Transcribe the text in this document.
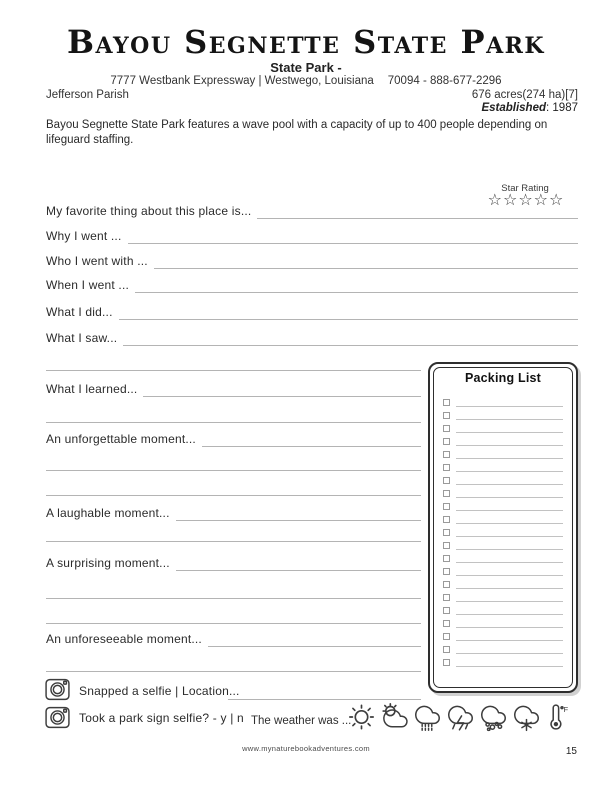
Bayou Segnette State Park
State Park -
7777 Westbank Expressway | Westwego, Louisiana 70094 - 888-677-2296
Jefferson Parish	676 acres(274 ha)[7]
Established: 1987
Bayou Segnette State Park features a wave pool with a capacity of up to 400 people depending on lifeguard staffing.
Star Rating
☆☆☆☆☆
My favorite thing about this place is...
Why I went ...
Who I went with ...
When I went ...
What I did...
What I saw...
What I learned...
An unforgettable moment...
A laughable moment...
A surprising moment...
An unforeseeable moment...
Snapped a selfie | Location...
Took a park sign selfie? - y | n The weather was ...
F
Packing List
www.mynaturebookadventures.com	15
